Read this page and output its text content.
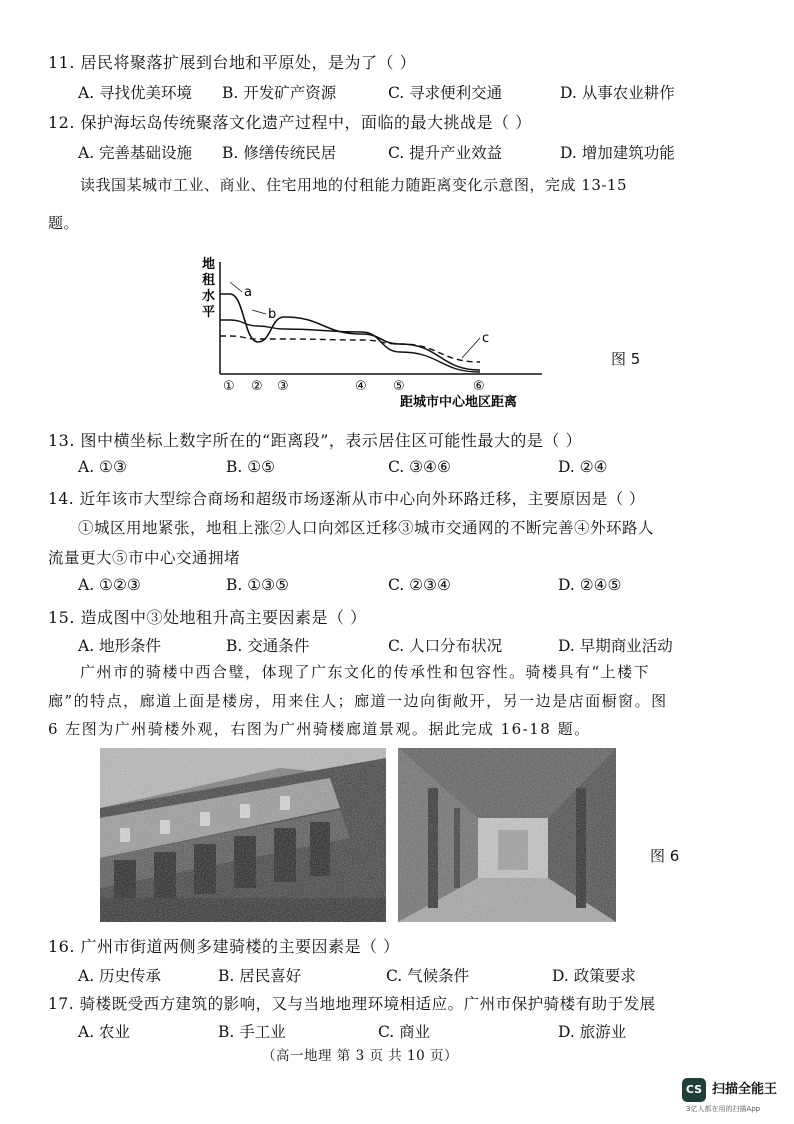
11. 居民将聚落扩展到台地和平原处，是为了（ ）
A. 寻找优美环境 B. 开发矿产资源	C. 寻求便利交通	D. 从事农业耕作
12. 保护海坛岛传统聚落文化遗产过程中，面临的最大挑战是（ ）
A. 完善基础设施 B. 修缮传统民居	C. 提升产业效益	D. 增加建筑功能
读我国某城市工业、商业、住宅用地的付租能力随距离变化示意图，完成 13-15
题。
地
租
水
平
a
b
c
① ② ③	④ ⑤	⑥
距城市中心地区距离
图 5
13. 图中横坐标上数字所在的“距离段”，表示居住区可能性最大的是（ ）
A. ①③	B. ①⑤	C. ③④⑥	D. ②④
14. 近年该市大型综合商场和超级市场逐渐从市中心向外环路迁移，主要原因是（ ）
①城区用地紧张，地租上涨②人口向郊区迁移③城市交通网的不断完善④外环路人
流量更大⑤市中心交通拥堵
A. ①②③	B. ①③⑤	C. ②③④	D. ②④⑤
15. 造成图中③处地租升高主要因素是（ ）
A. 地形条件	B. 交通条件	C. 人口分布状况	D. 早期商业活动
广州市的骑楼中西合璧，体现了广东文化的传承性和包容性。骑楼具有“上楼下
廊”的特点，廊道上面是楼房，用来住人；廊道一边向街敞开，另一边是店面橱窗。图
6 左图为广州骑楼外观，右图为广州骑楼廊道景观。据此完成 16-18 题。
图 6
16. 广州市街道两侧多建骑楼的主要因素是（ ）
A. 历史传承	B. 居民喜好	C. 气候条件	D. 政策要求
17. 骑楼既受西方建筑的影响，又与当地地理环境相适应。广州市保护骑楼有助于发展
A. 农业	B. 手工业	C. 商业	D. 旅游业
（高一地理 第 3 页 共 10 页）
CS 扫描全能王
3亿人都在用的扫描App
